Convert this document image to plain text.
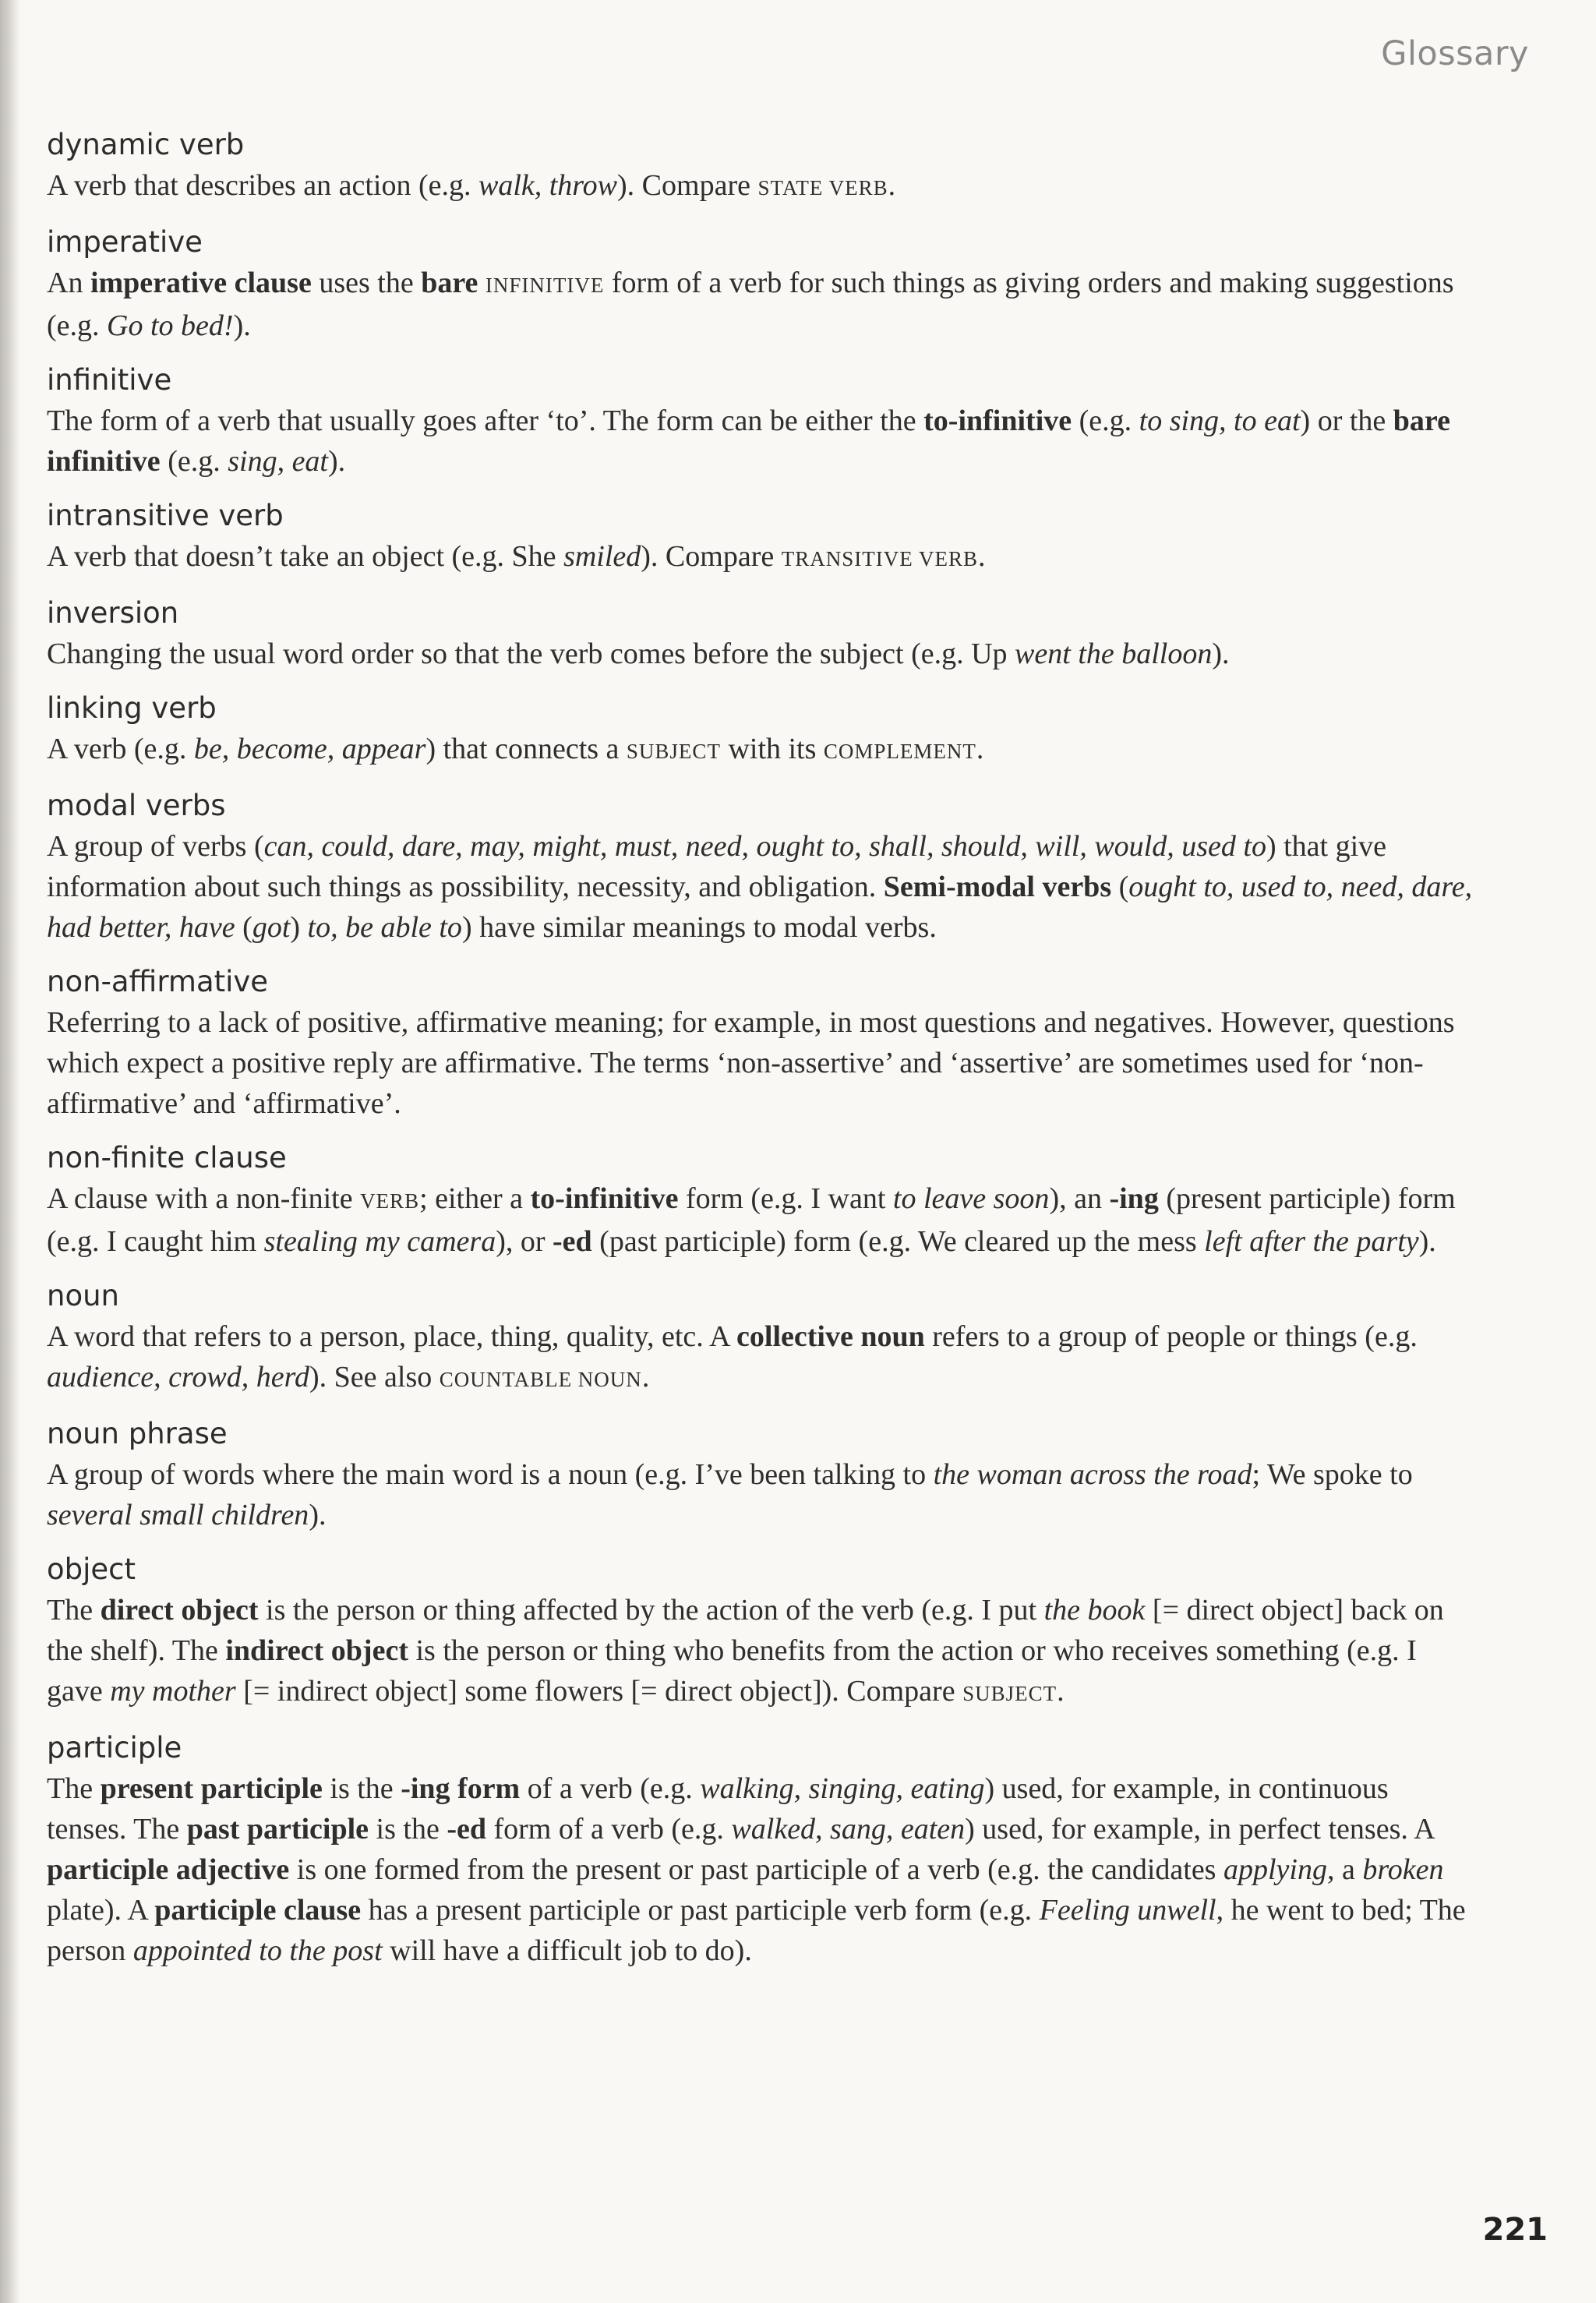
Glossary

dynamic verb

A verb that describes an action (e.g. walk, throw). Compare STATE VERB.

imperative

An imperative clause uses the bare INFINITIVE form of a verb for such things as giving orders and making suggestions (e.g. Go to bed!).

infinitive

The form of a verb that usually goes after ‘to’. The form can be either the to-infinitive (e.g. to sing, to eat) or the bare infinitive (e.g. sing, eat).

intransitive verb

A verb that doesn’t take an object (e.g. She smiled). Compare TRANSITIVE VERB.

inversion

Changing the usual word order so that the verb comes before the subject (e.g. Up went the balloon).

linking verb

A verb (e.g. be, become, appear) that connects a SUBJECT with its COMPLEMENT.

modal verbs

A group of verbs (can, could, dare, may, might, must, need, ought to, shall, should, will, would, used to) that give information about such things as possibility, necessity, and obligation. Semi-modal verbs (ought to, used to, need, dare, had better, have (got) to, be able to) have similar meanings to modal verbs.

non-affirmative

Referring to a lack of positive, affirmative meaning; for example, in most questions and negatives. However, questions which expect a positive reply are affirmative. The terms ‘non-assertive’ and ‘assertive’ are sometimes used for ‘non-affirmative’ and ‘affirmative’.

non-finite clause

A clause with a non-finite VERB; either a to-infinitive form (e.g. I want to leave soon), an -ing (present participle) form (e.g. I caught him stealing my camera), or -ed (past participle) form (e.g. We cleared up the mess left after the party).

noun

A word that refers to a person, place, thing, quality, etc. A collective noun refers to a group of people or things (e.g. audience, crowd, herd). See also COUNTABLE NOUN.

noun phrase

A group of words where the main word is a noun (e.g. I’ve been talking to the woman across the road; We spoke to several small children).

object

The direct object is the person or thing affected by the action of the verb (e.g. I put the book [= direct object] back on the shelf). The indirect object is the person or thing who benefits from the action or who receives something (e.g. I gave my mother [= indirect object] some flowers [= direct object]). Compare SUBJECT.

participle

The present participle is the -ing form of a verb (e.g. walking, singing, eating) used, for example, in continuous tenses. The past participle is the -ed form of a verb (e.g. walked, sang, eaten) used, for example, in perfect tenses. A participle adjective is one formed from the present or past participle of a verb (e.g. the candidates applying, a broken plate). A participle clause has a present participle or past participle verb form (e.g. Feeling unwell, he went to bed; The person appointed to the post will have a difficult job to do).

221
